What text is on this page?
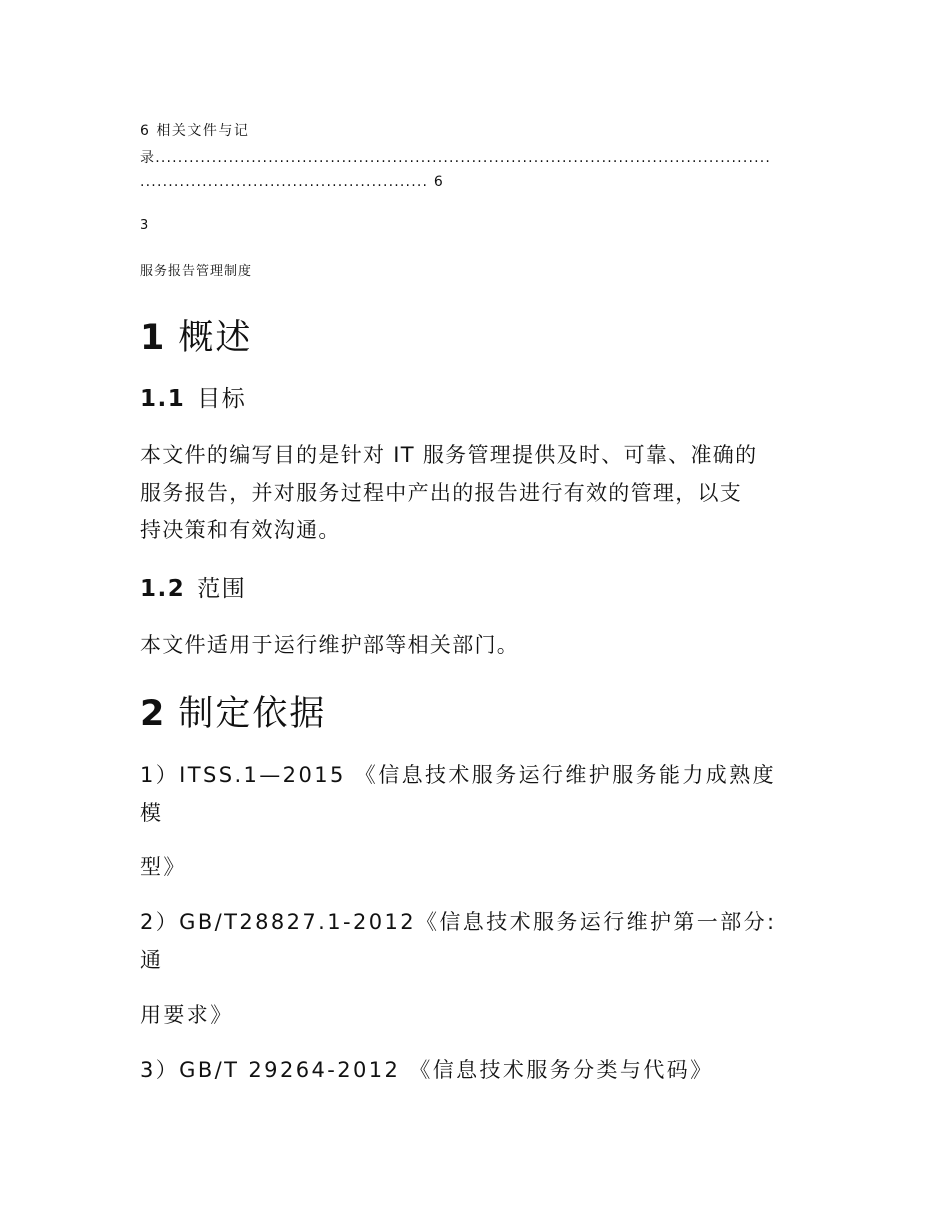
6 相关文件与记
录.............................................................................................................
................................................... 6
3
服务报告管理制度
1 概述
1.1 目标
本文件的编写目的是针对 IT 服务管理提供及时、可靠、准确的
服务报告，并对服务过程中产出的报告进行有效的管理，以支
持决策和有效沟通。
1.2 范围
本文件适用于运行维护部等相关部门。
2 制定依据
1）ITSS.1—2015 《信息技术服务运行维护服务能力成熟度
模
型》
2）GB/T28827.1-2012《信息技术服务运行维护第一部分:
通
用要求》
3）GB/T 29264-2012 《信息技术服务分类与代码》
